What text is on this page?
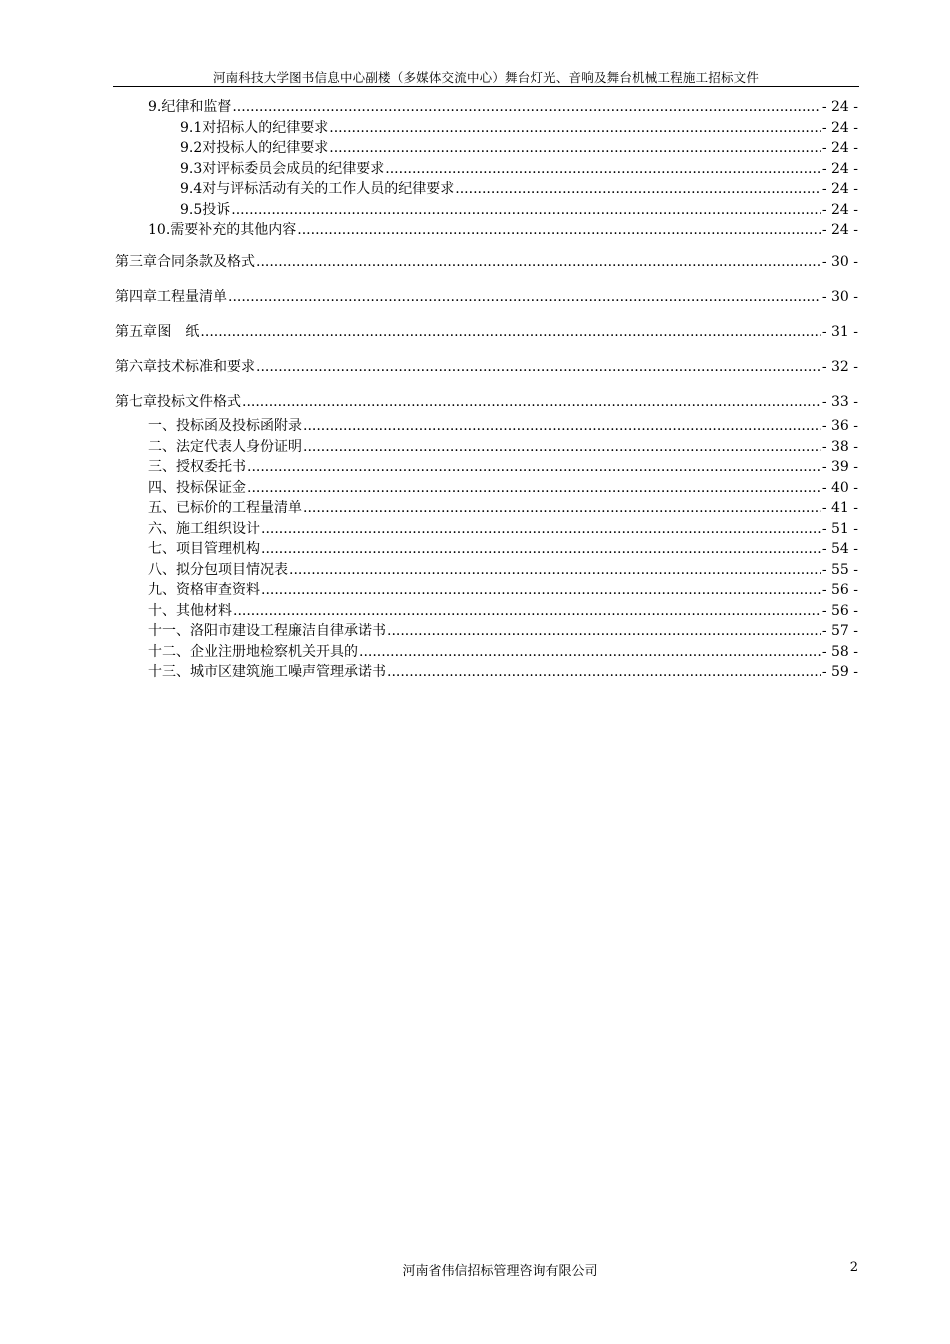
河南科技大学图书信息中心副楼（多媒体交流中心）舞台灯光、音响及舞台机械工程施工招标文件
9. 纪律和监督 .....	- 24 -
9.1 对招标人的纪律要求 .....	- 24 -
9.2 对投标人的纪律要求 .....	- 24 -
9.3 对评标委员会成员的纪律要求 .....	- 24 -
9.4 对与评标活动有关的工作人员的纪律要求 .....	- 24 -
9.5 投诉 .....	- 24 -
10. 需要补充的其他内容 .....	- 24 -
第三章 合同条款及格式 .....	- 30 -
第四章 工程量清单 .....	- 30 -
第五章 图　纸 .....	- 31 -
第六章 技术标准和要求 .....	- 32 -
第七章 投标文件格式 .....	- 33 -
一、投标函及投标函附录 .....	- 36 -
二、法定代表人身份证明 .....	- 38 -
三、授权委托书 .....	- 39 -
四、投标保证金 .....	- 40 -
五、已标价的工程量清单 .....	- 41 -
六、施工组织设计 .....	- 51 -
七、项目管理机构 .....	- 54 -
八、拟分包项目情况表 .....	- 55 -
九、资格审查资料 .....	- 56 -
十、其他材料 .....	- 56 -
十一、洛阳市建设工程廉洁自律承诺书 .....	- 57 -
十二、企业注册地检察机关开具的 .....	- 58 -
十三、城市区建筑施工噪声管理承诺书 .....	- 59 -
河南省伟信招标管理咨询有限公司	2
